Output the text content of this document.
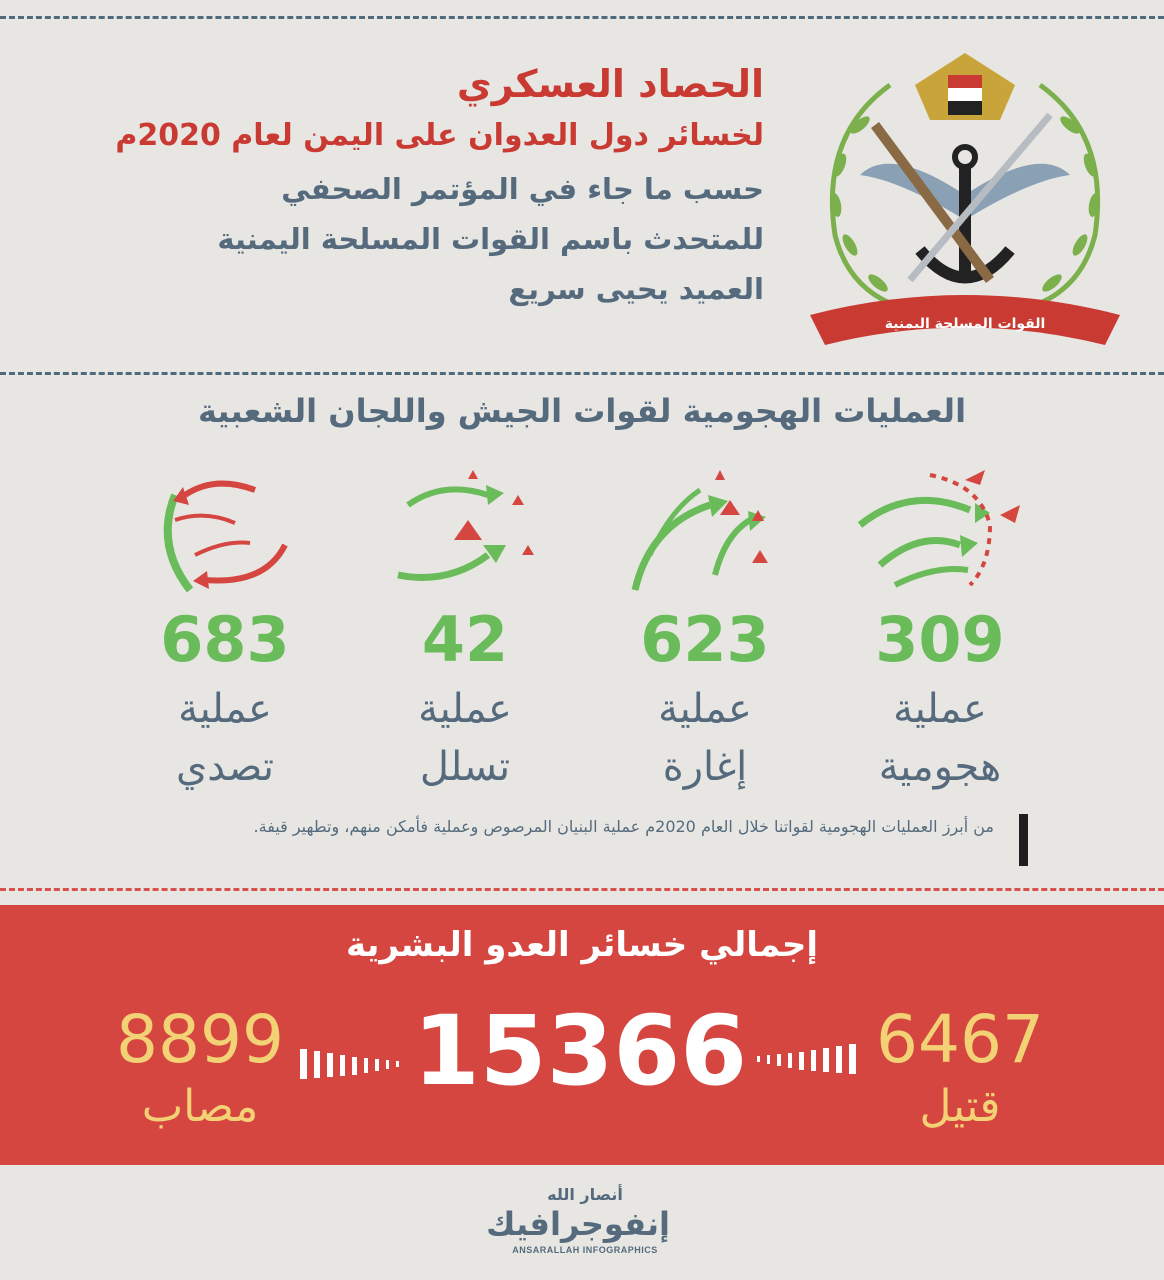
الحصاد العسكري
لخسائر دول العدوان على اليمن لعام 2020م
حسب ما جاء في المؤتمر الصحفي
للمتحدث باسم القوات المسلحة اليمنية
العميد يحيى سريع
القوات المسلحة اليمنية
العمليات الهجومية لقوات الجيش واللجان الشعبية
309
عملية
هجومية
623
عملية
إغارة
42
عملية
تسلل
683
عملية
تصدي
من أبرز العمليات الهجومية لقواتنا خلال العام 2020م عملية البنيان المرصوص وعملية فأمكن منهم، وتطهير قيفة.
إجمالي خسائر العدو البشرية
6467
قتيل
15366
8899
مصاب
أنصار الله
إنفوجرافيك
ANSARALLAH INFOGRAPHICS
